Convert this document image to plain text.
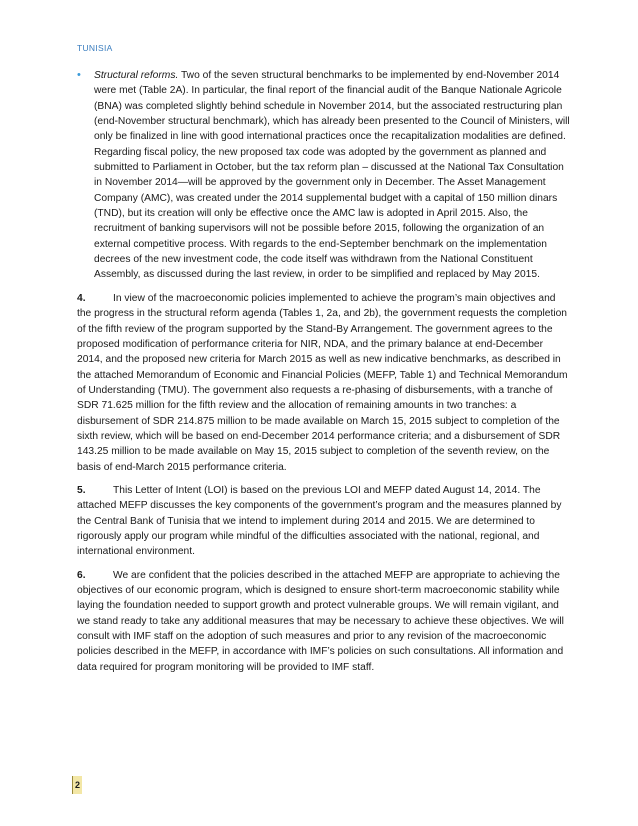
TUNISIA
•	Structural reforms. Two of the seven structural benchmarks to be implemented by end-November 2014 were met (Table 2A). In particular, the final report of the financial audit of the Banque Nationale Agricole (BNA) was completed slightly behind schedule in November 2014, but the associated restructuring plan (end-November structural benchmark), which has already been presented to the Council of Ministers, will only be finalized in line with good international practices once the recapitalization modalities are defined. Regarding fiscal policy, the new proposed tax code was adopted by the government as planned and submitted to Parliament in October, but the tax reform plan – discussed at the National Tax Consultation in November 2014—will be approved by the government only in December. The Asset Management Company (AMC), was created under the 2014 supplemental budget with a capital of 150 million dinars (TND), but its creation will only be effective once the AMC law is adopted in April 2015. Also, the recruitment of banking supervisors will not be possible before 2015, following the organization of an external competitive process. With regards to the end-September benchmark on the implementation decrees of the new investment code, the code itself was withdrawn from the National Constituent Assembly, as discussed during the last review, in order to be simplified and replaced by May 2015.

4.	In view of the macroeconomic policies implemented to achieve the program’s main objectives and the progress in the structural reform agenda (Tables 1, 2a, and 2b), the government requests the completion of the fifth review of the program supported by the Stand-By Arrangement. The government agrees to the proposed modification of performance criteria for NIR, NDA, and the primary balance at end-December 2014, and the proposed new criteria for March 2015 as well as new indicative benchmarks, as described in the attached Memorandum of Economic and Financial Policies (MEFP, Table 1) and Technical Memorandum of Understanding (TMU). The government also requests a re-phasing of disbursements, with a tranche of SDR 71.625 million for the fifth review and the allocation of remaining amounts in two tranches: a disbursement of SDR 214.875 million to be made available on March 15, 2015 subject to completion of the sixth review, which will be based on end-December 2014 performance criteria; and a disbursement of SDR 143.25 million to be made available on May 15, 2015 subject to completion of the seventh review, on the basis of end-March 2015 performance criteria.

5.	This Letter of Intent (LOI) is based on the previous LOI and MEFP dated August 14, 2014. The attached MEFP discusses the key components of the government’s program and the measures planned by the Central Bank of Tunisia that we intend to implement during 2014 and 2015. We are determined to rigorously apply our program while mindful of the difficulties associated with the national, regional, and international environment.

6.	We are confident that the policies described in the attached MEFP are appropriate to achieving the objectives of our economic program, which is designed to ensure short-term macroeconomic stability while laying the foundation needed to support growth and protect vulnerable groups. We will remain vigilant, and we stand ready to take any additional measures that may be necessary to achieve these objectives. We will consult with IMF staff on the adoption of such measures and prior to any revision of the macroeconomic policies described in the MEFP, in accordance with IMF’s policies on such consultations. All information and data required for program monitoring will be provided to IMF staff.

2
